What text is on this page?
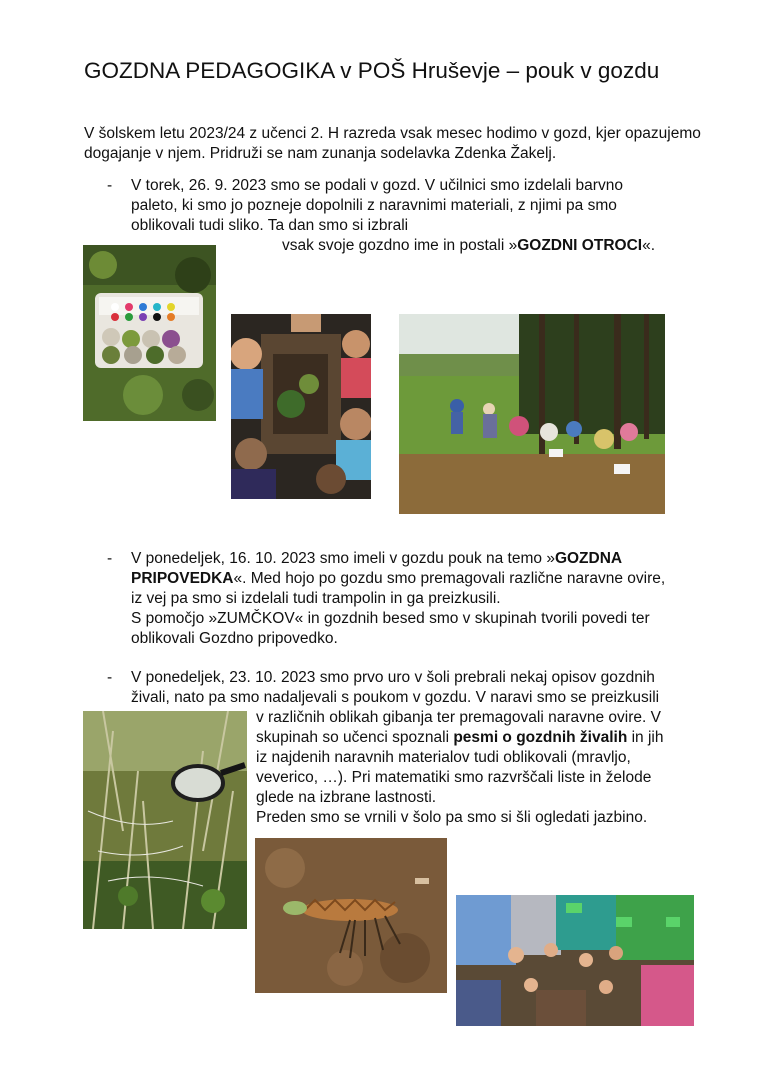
GOZDNA PEDAGOGIKA v POŠ Hruševje – pouk v gozdu

V šolskem letu 2023/24 z učenci 2. H razreda vsak mesec hodimo v gozd, kjer opazujemo dogajanje v njem. Pridruži se nam zunanja sodelavka Zdenka Žakelj.

- V torek, 26. 9. 2023 smo se podali v gozd. V učilnici smo izdelali barvno
paleto, ki smo jo pozneje dopolnili z naravnimi materiali, z njimi pa smo
oblikovali tudi sliko. Ta dan smo si izbrali
vsak svoje gozdno ime in postali »GOZDNI OTROCI«.
- V ponedeljek, 16. 10. 2023 smo imeli v gozdu pouk na temo »GOZDNA
PRIPOVEDKA«. Med hojo po gozdu smo premagovali različne naravne ovire,
iz vej pa smo si izdelali tudi trampolin in ga preizkusili.
S pomočjo »ZUMČKOV« in gozdnih besed smo v skupinah tvorili povedi ter
oblikovali Gozdno pripovedko.
- V ponedeljek, 23. 10. 2023 smo prvo uro v šoli prebrali nekaj opisov gozdnih
živali, nato pa smo nadaljevali s poukom v gozdu. V naravi smo se preizkusili
v različnih oblikah gibanja ter premagovali naravne ovire. V
skupinah so učenci spoznali pesmi o gozdnih živalih in jih
iz najdenih naravnih materialov tudi oblikovali (mravljo,
veverico, …). Pri matematiki smo razvrščali liste in želode
glede na izbrane lastnosti.
Preden smo se vrnili v šolo pa smo si šli ogledati jazbino.
